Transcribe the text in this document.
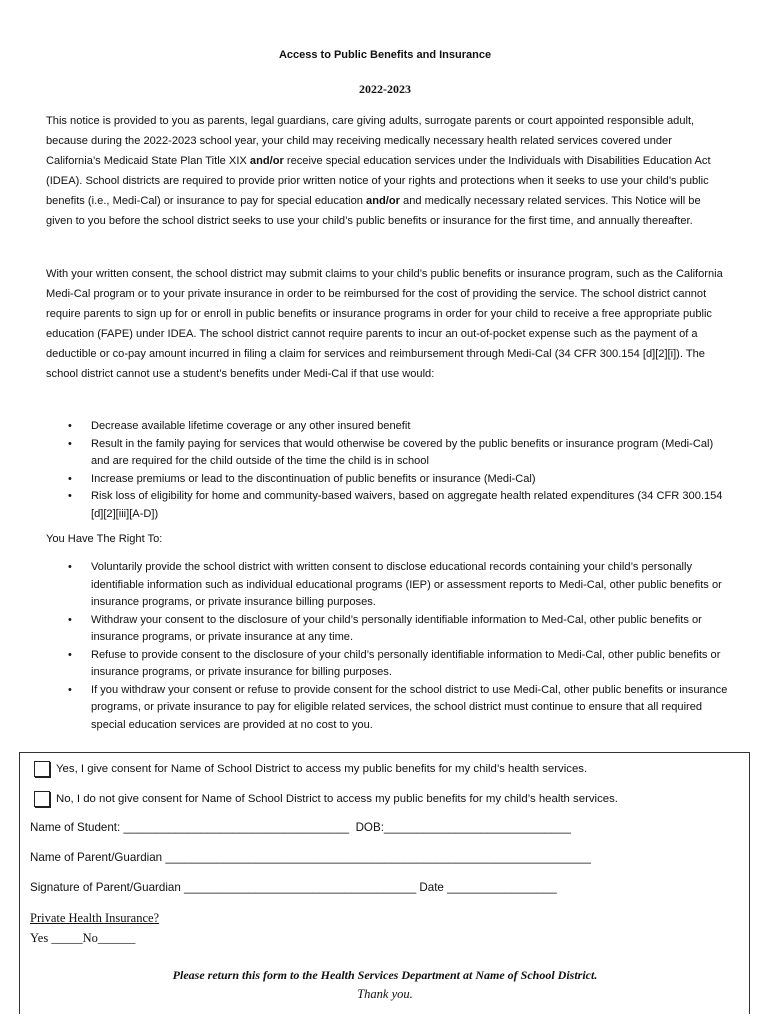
Access to Public Benefits and Insurance
2022-2023

This notice is provided to you as parents, legal guardians, care giving adults, surrogate parents or court appointed responsible adult, because during the 2022-2023 school year, your child may receiving medically necessary health related services covered under California’s Medicaid State Plan Title XIX and/or receive special education services under the Individuals with Disabilities Education Act (IDEA). School districts are required to provide prior written notice of your rights and protections when it seeks to use your child’s public benefits (i.e., Medi-Cal) or insurance to pay for special education and/or and medically necessary related services. This Notice will be given to you before the school district seeks to use your child’s public benefits or insurance for the first time, and annually thereafter.

With your written consent, the school district may submit claims to your child’s public benefits or insurance program, such as the California Medi-Cal program or to your private insurance in order to be reimbursed for the cost of providing the service. The school district cannot require parents to sign up for or enroll in public benefits or insurance programs in order for your child to receive a free appropriate public education (FAPE) under IDEA. The school district cannot require parents to incur an out-of-pocket expense such as the payment of a deductible or co-pay amount incurred in filing a claim for services and reimbursement through Medi-Cal (34 CFR 300.154 [d][2][i]). The school district cannot use a student’s benefits under Medi-Cal if that use would:

• Decrease available lifetime coverage or any other insured benefit
• Result in the family paying for services that would otherwise be covered by the public benefits or insurance program (Medi-Cal) and are required for the child outside of the time the child is in school
• Increase premiums or lead to the discontinuation of public benefits or insurance (Medi-Cal)
• Risk loss of eligibility for home and community-based waivers, based on aggregate health related expenditures (34 CFR 300.154 [d][2][iii][A-D])
You Have The Right To:
• Voluntarily provide the school district with written consent to disclose educational records containing your child’s personally identifiable information such as individual educational programs (IEP) or assessment reports to Medi-Cal, other public benefits or insurance programs, or private insurance billing purposes.
• Withdraw your consent to the disclosure of your child’s personally identifiable information to Med-Cal, other public benefits or insurance programs, or private insurance at any time.
• Refuse to provide consent to the disclosure of your child’s personally identifiable information to Medi-Cal, other public benefits or insurance programs, or private insurance for billing purposes.
• If you withdraw your consent or refuse to provide consent for the school district to use Medi-Cal, other public benefits or insurance programs, or private insurance to pay for eligible related services, the school district must continue to ensure that all required special education services are provided at no cost to you.
Yes, I give consent for Name of School District to access my public benefits for my child’s health services.
No, I do not give consent for Name of School District to access my public benefits for my child’s health services.
Name of Student: ___________________________________  DOB:_____________________________
Name of Parent/Guardian __________________________________________________________________
Signature of Parent/Guardian ____________________________________ Date _________________
Private Health Insurance?
Yes _____No______
Please return this form to the Health Services Department at Name of School District.
Thank you.
